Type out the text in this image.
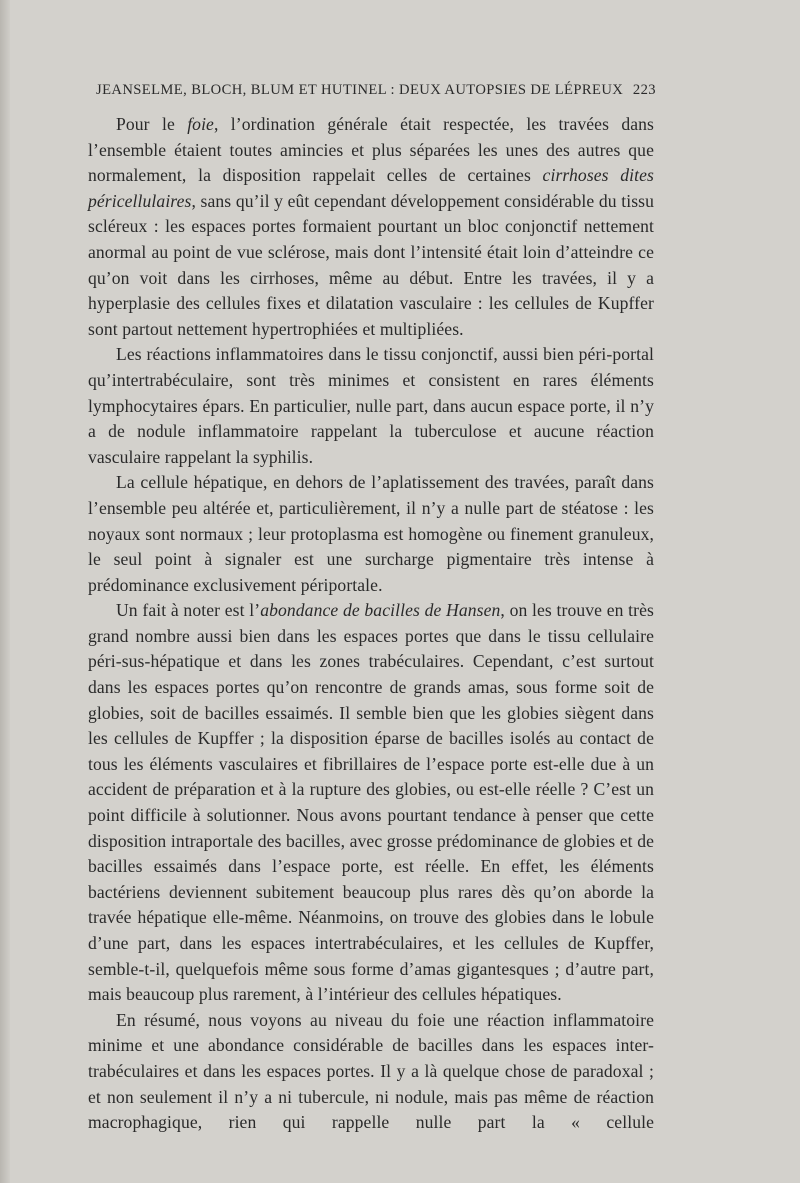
JEANSELME, BLOCH, BLUM ET HUTINEL : DEUX AUTOPSIES DE LÉPREUX 223

Pour le foie, l’ordination générale était respectée, les travées dans l’ensemble étaient toutes amincies et plus séparées les unes des autres que normalement, la disposition rappelait celles de certaines cirrhoses dites péricellulaires, sans qu’il y eût cependant développement considérable du tissu scléreux : les espaces portes formaient pourtant un bloc conjonctif nettement anormal au point de vue sclérose, mais dont l’intensité était loin d’atteindre ce qu’on voit dans les cirrhoses, même au début. Entre les travées, il y a hyperplasie des cellules fixes et dilatation vasculaire : les cellules de Kupffer sont partout nettement hypertrophiées et multipliées.

Les réactions inflammatoires dans le tissu conjonctif, aussi bien péri-portal qu’intertrabéculaire, sont très minimes et consistent en rares éléments lymphocytaires épars. En particulier, nulle part, dans aucun espace porte, il n’y a de nodule inflammatoire rappelant la tuberculose et aucune réaction vasculaire rappelant la syphilis.

La cellule hépatique, en dehors de l’aplatissement des travées, paraît dans l’ensemble peu altérée et, particulièrement, il n’y a nulle part de stéatose : les noyaux sont normaux ; leur protoplasma est homogène ou finement granuleux, le seul point à signaler est une surcharge pigmentaire très intense à prédominance exclusivement périportale.

Un fait à noter est l’abondance de bacilles de Hansen, on les trouve en très grand nombre aussi bien dans les espaces portes que dans le tissu cellulaire péri-sus-hépatique et dans les zones trabéculaires. Cependant, c’est surtout dans les espaces portes qu’on rencontre de grands amas, sous forme soit de globies, soit de bacilles essaimés. Il semble bien que les globies siègent dans les cellules de Kupffer ; la disposition éparse de bacilles isolés au contact de tous les éléments vasculaires et fibrillaires de l’espace porte est-elle due à un accident de préparation et à la rupture des globies, ou est-elle réelle ? C’est un point difficile à solutionner. Nous avons pourtant tendance à penser que cette disposition intraportale des bacilles, avec grosse prédominance de globies et de bacilles essaimés dans l’espace porte, est réelle. En effet, les éléments bactériens deviennent subitement beaucoup plus rares dès qu’on aborde la travée hépatique elle-même. Néanmoins, on trouve des globies dans le lobule d’une part, dans les espaces intertrabéculaires, et les cellules de Kupffer, semble-t-il, quelquefois même sous forme d’amas gigantesques ; d’autre part, mais beaucoup plus rarement, à l’intérieur des cellules hépatiques.

En résumé, nous voyons au niveau du foie une réaction inflammatoire minime et une abondance considérable de bacilles dans les espaces inter-trabéculaires et dans les espaces portes. Il y a là quelque chose de paradoxal ; et non seulement il n’y a ni tubercule, ni nodule, mais pas même de réaction macrophagique, rien qui rappelle nulle part la « cellule
